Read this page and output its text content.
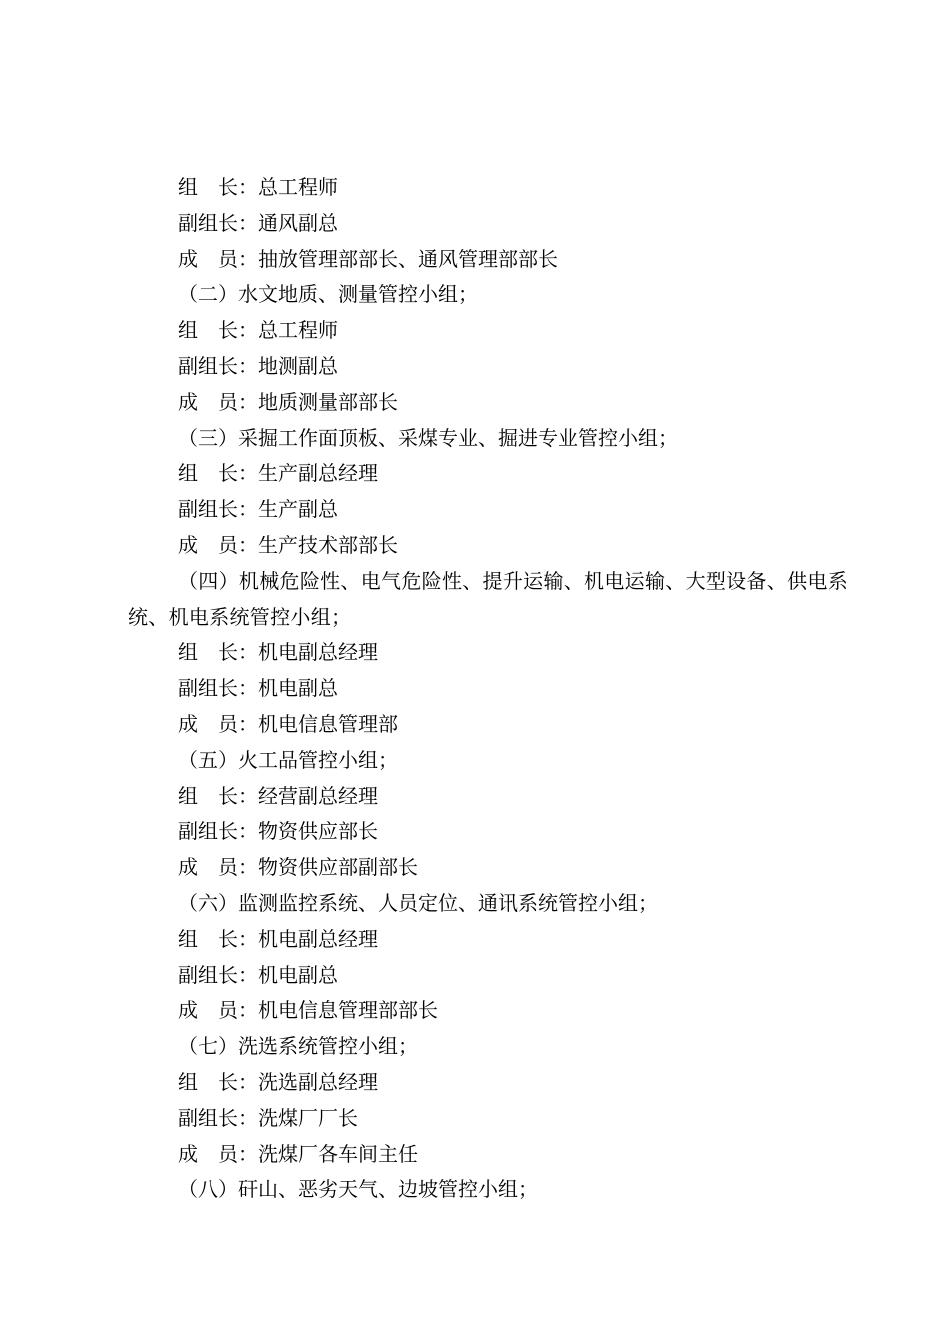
组　长：总工程师

副组长：通风副总

成　员：抽放管理部部长、通风管理部部长

（二）水文地质、测量管控小组；

组　长：总工程师

副组长：地测副总

成　员：地质测量部部长

（三）采掘工作面顶板、采煤专业、掘进专业管控小组；

组　长：生产副总经理

副组长：生产副总

成　员：生产技术部部长

（四）机械危险性、电气危险性、提升运输、机电运输、大型设备、供电系统、机电系统管控小组；

组　长：机电副总经理

副组长：机电副总

成　员：机电信息管理部

（五）火工品管控小组；

组　长：经营副总经理

副组长：物资供应部长

成　员：物资供应部副部长

（六）监测监控系统、人员定位、通讯系统管控小组；

组　长：机电副总经理

副组长：机电副总

成　员：机电信息管理部部长

（七）洗选系统管控小组；

组　长：洗选副总经理

副组长：洗煤厂厂长

成　员：洗煤厂各车间主任

（八）矸山、恶劣天气、边坡管控小组；
